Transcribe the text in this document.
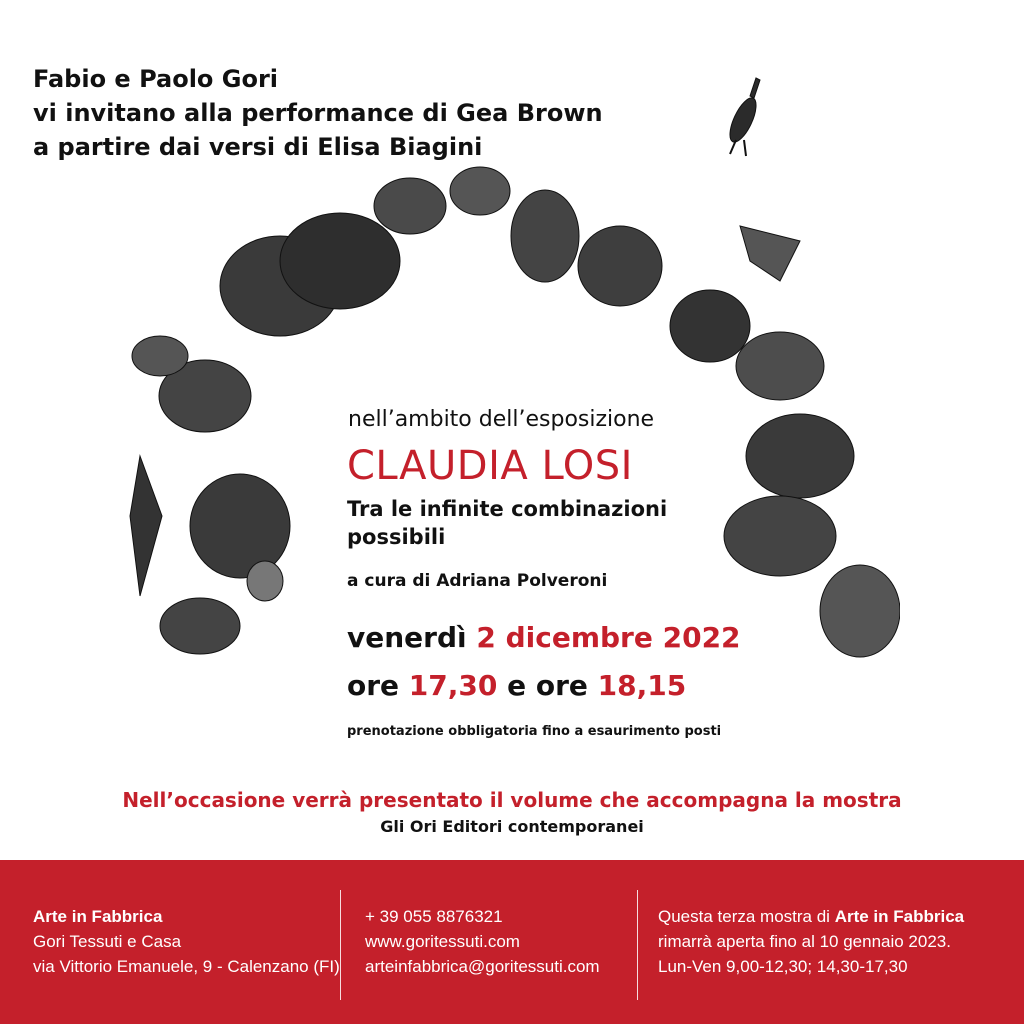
Fabio e Paolo Gori
vi invitano alla performance di Gea Brown
a partire dai versi di Elisa Biagini
nell’ambito dell’esposizione
CLAUDIA LOSI
Tra le infinite combinazioni possibili
a cura di Adriana Polveroni
venerdì 2 dicembre 2022
ore 17,30 e ore 18,15
prenotazione obbligatoria fino a esaurimento posti
Nell’occasione verrà presentato il volume che accompagna la mostra
Gli Ori Editori contemporanei
Arte in Fabbrica
Gori Tessuti e Casa
via Vittorio Emanuele, 9 - Calenzano (FI)
+ 39 055 8876321
www.goritessuti.com
arteinfabbrica@goritessuti.com
Questa terza mostra di Arte in Fabbrica
rimarrà aperta fino al 10 gennaio 2023.
Lun-Ven 9,00-12,30; 14,30-17,30
